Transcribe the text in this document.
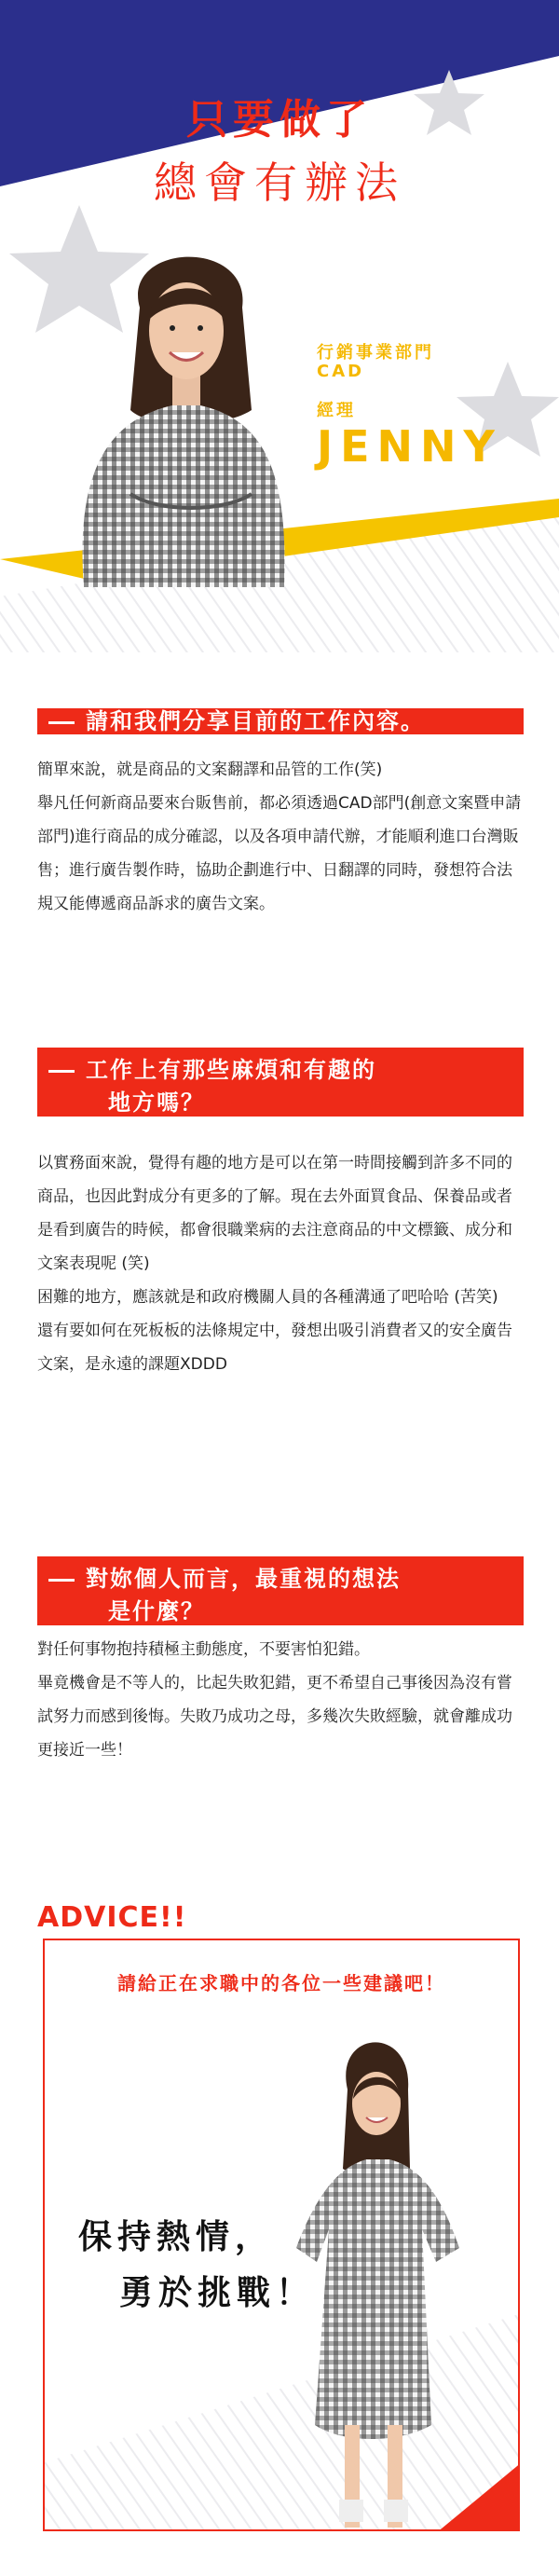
只要做了
總會有辦法
行銷事業部門
CAD
經理
JENNY
請和我們分享目前的工作內容。

簡單來說，就是商品的文案翻譯和品管的工作(笑)

舉凡任何新商品要來台販售前，都必須透過CAD部門(創意文案暨申請部門)進行商品的成分確認，以及各項申請代辦，才能順利進口台灣販售；進行廣告製作時，協助企劃進行中、日翻譯的同時，發想符合法規又能傳遞商品訴求的廣告文案。

工作上有那些麻煩和有趣的
地方嗎？

以實務面來說，覺得有趣的地方是可以在第一時間接觸到許多不同的商品，也因此對成分有更多的了解。現在去外面買食品、保養品或者是看到廣告的時候，都會很職業病的去注意商品的中文標籤、成分和文案表現呢 (笑)

困難的地方，應該就是和政府機關人員的各種溝通了吧哈哈 (苦笑)

還有要如何在死板板的法條規定中，發想出吸引消費者又的安全廣告文案，是永遠的課題XDDD

對妳個人而言，最重視的想法
是什麼？

對任何事物抱持積極主動態度，不要害怕犯錯。

畢竟機會是不等人的，比起失敗犯錯，更不希望自己事後因為沒有嘗試努力而感到後悔。失敗乃成功之母，多幾次失敗經驗，就會離成功更接近一些！

ADVICE!!
請給正在求職中的各位一些建議吧！
保持熱情，
勇於挑戰！
